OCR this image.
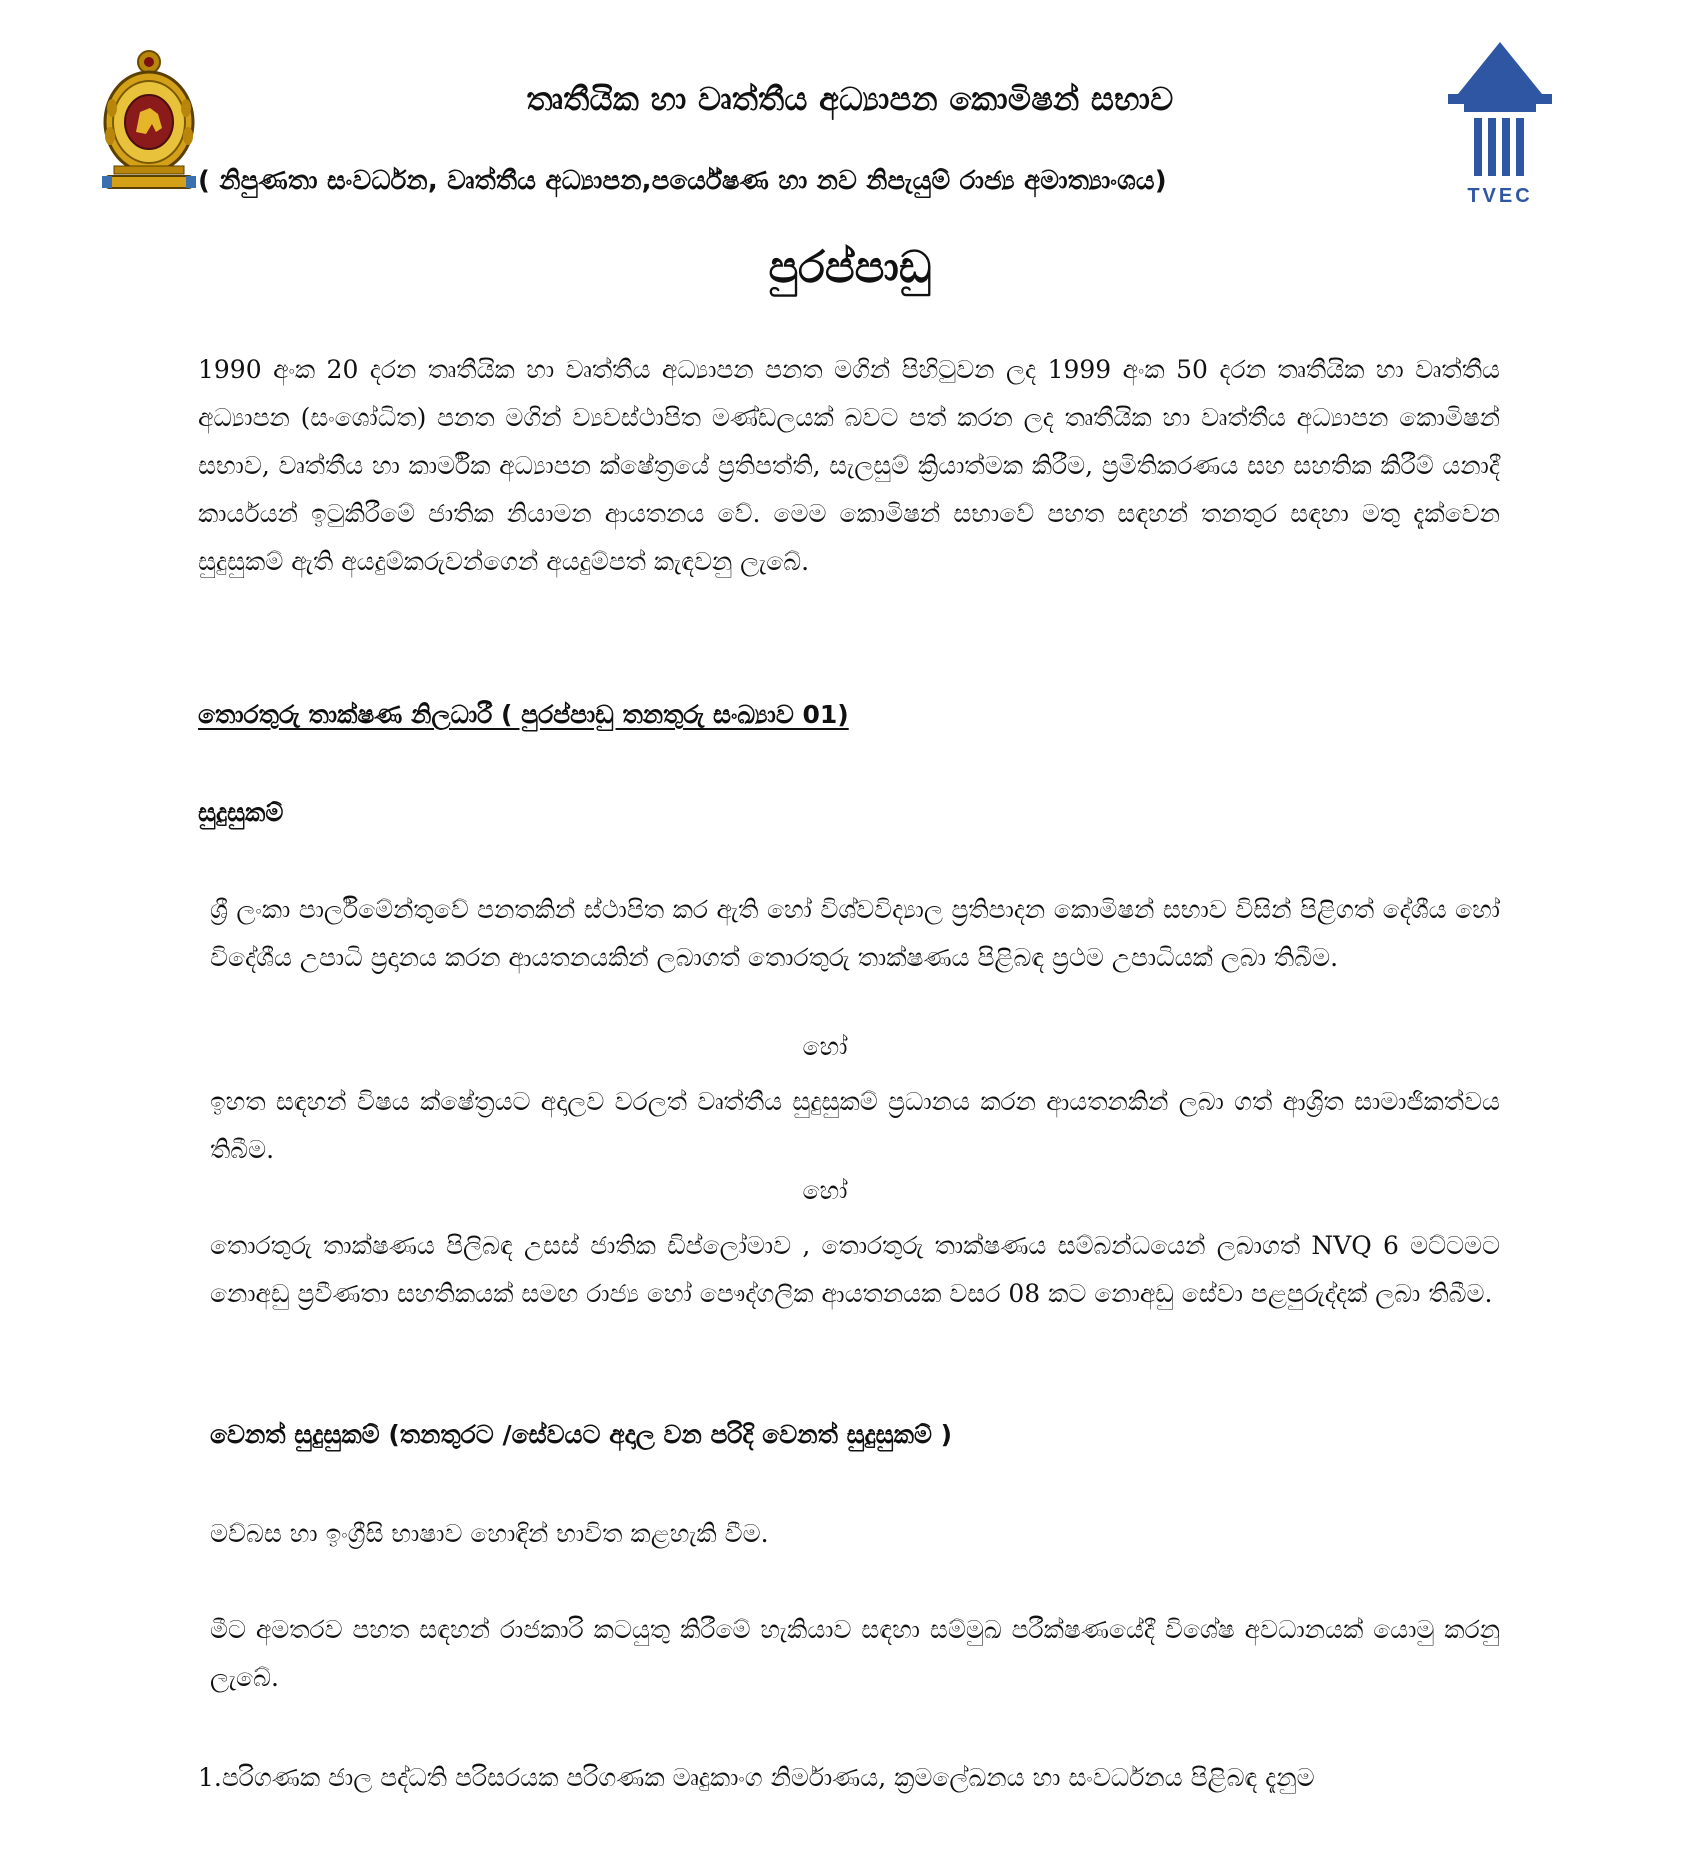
TVEC
තෘතීයික හා වෘත්තීය අධ්‍යාපන කොමිෂන් සභාව
( නිපුණතා සංවර්ධන, වෘත්තීය අධ්‍යාපන,පර්යේෂණ හා නව නිපැයුම් රාජ්‍ය අමාත්‍යාංශය)
පුරප්පාඩු
1990 අංක 20 දරන තෘතීයික හා වෘත්තීය අධ්‍යාපන පනත මගින් පිහිටුවන ලද 1999 අංක 50 දරන තෘතීයික හා වෘත්තීය අධ්‍යාපන (සංශෝධිත) පනත මගින් ව්‍යවස්ථාපිත මණ්ඩලයක් බවට පත් කරන ලද තෘතීයික හා වෘත්තීය අධ්‍යාපන කොමිෂන් සභාව, වෘත්තීය හා කාර්මික අධ්‍යාපන ක්ෂේත්‍රයේ ප්‍රතිපත්ති, සැලසුම් ක්‍රියාත්මක කිරීම, ප්‍රමිතිකරණය සහ සහතික කිරීම් යනාදී කාර්යයන් ඉටුකිරීමේ ජාතික නියාමන ආයතනය වේ. මෙම කොමිෂන් සභාවේ පහත සඳහන් තනතුර සඳහා මතු දැක්වෙන සුදුසුකම් ඇති අයදුම්කරුවන්ගෙන් අයදුම්පත් කැඳවනු ලැබේ.
තොරතුරු තාක්ෂණ නිලධාරී ( පුරප්පාඩු තනතුරු සංඛ්‍යාව 01)
සුදුසුකම්
ශ්‍රී ලංකා පාර්ලිමේන්තුවේ පනතකින් ස්ථාපිත කර ඇති හෝ විශ්වවිද්‍යාල ප්‍රතිපාදන කොමිෂන් සභාව විසින් පිළිගත් දේශීය හෝ විදේශීය උපාධි ප්‍රදානය කරන ආයතනයකින් ලබාගත් තොරතුරු තාක්ෂණය පිළිබඳ ප්‍රථම උපාධියක් ලබා තිබීම.
හෝ
ඉහත සඳහන් විෂය ක්ෂේත්‍රයට අදාලව වරලත් වෘත්තීය සුදුසුකම් ප්‍රධානය කරන ආයතනකින් ලබා ගත් ආශ්‍රිත සාමාජිකත්වය තිබීම.
හෝ
තොරතුරු තාක්ෂණය පිලිබඳ උසස් ජාතික ඩිප්ලෝමාව , තොරතුරු තාක්ෂණය සම්බන්ධයෙන් ලබාගත් NVQ 6 මට්ටමට නොඅඩු ප්‍රවීණතා සහතිකයක් සමඟ රාජ්‍ය හෝ පෞද්ගලික ආයතනයක වසර 08 කට නොඅඩු සේවා පළපුරුද්දක් ලබා තිබීම.
වෙනත් සුදුසුකම් (තනතුරට /සේවයට අදාල වන පරිදි වෙනත් සුදුසුකම් )
මව්බස හා ඉංග්‍රීසි භාෂාව හොඳින් භාවිත කළහැකි වීම.
මීට අමතරව පහත සඳහන් රාජකාරි කටයුතු කිරීමේ හැකියාව සඳහා සම්මුඛ පරීක්ෂණයේදී විශේෂ අවධානයක් යොමු කරනු ලැබේ.
1.පරිගණක ජාල පද්ධති පරිසරයක පරිගණක මෘදුකාංග නිර්මාණය, ක්‍රමලේඛනය හා සංවර්ධනය පිළිබඳ දැනුම
